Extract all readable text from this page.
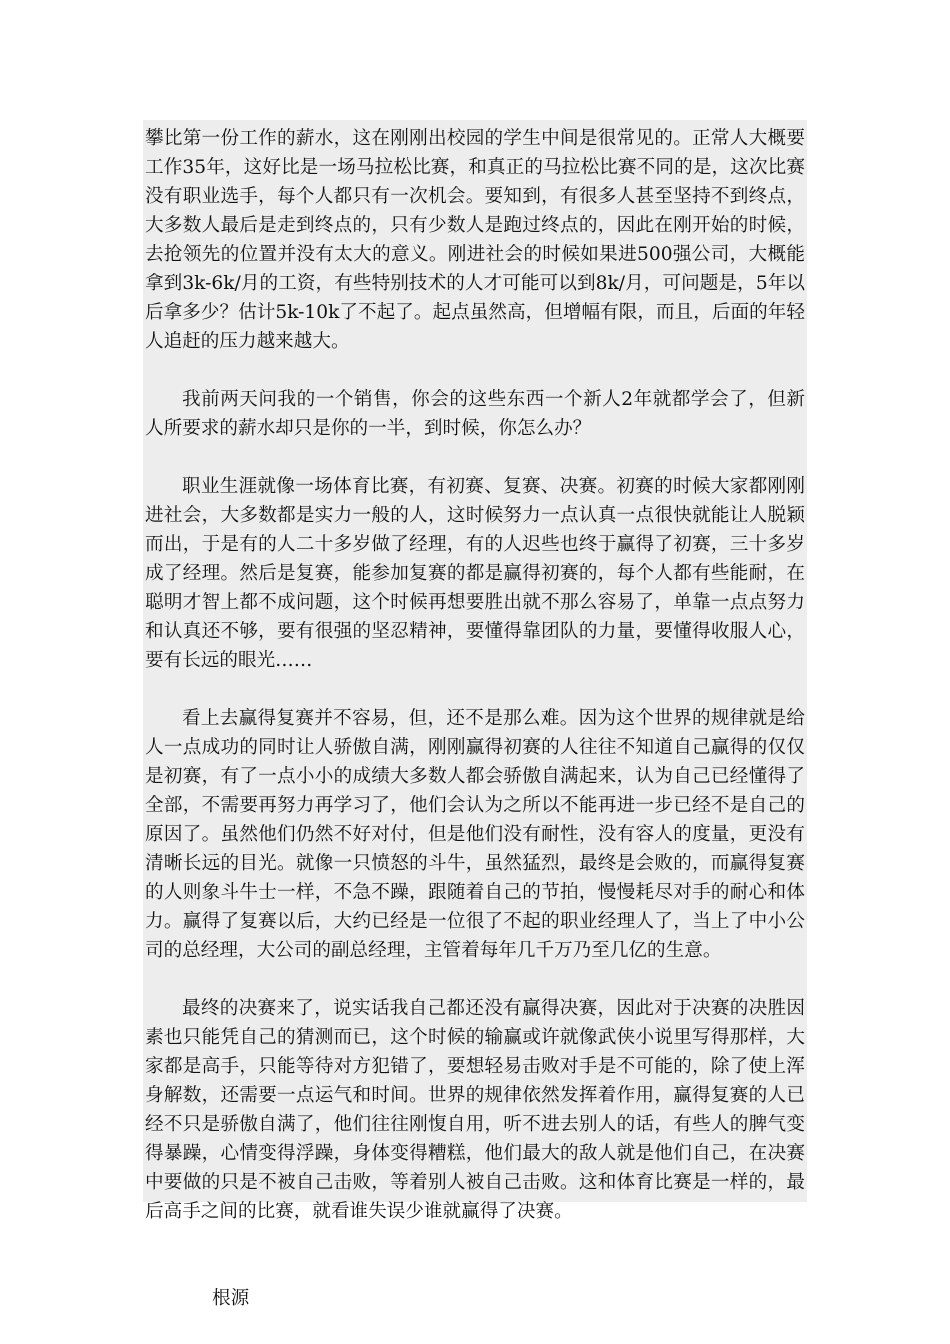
攀比第一份工作的薪水，这在刚刚出校园的学生中间是很常见的。正常人大概要工作35年，这好比是一场马拉松比赛，和真正的马拉松比赛不同的是，这次比赛没有职业选手，每个人都只有一次机会。要知到，有很多人甚至坚持不到终点，大多数人最后是走到终点的，只有少数人是跑过终点的，因此在刚开始的时候，去抢领先的位置并没有太大的意义。刚进社会的时候如果进500强公司，大概能拿到3k-6k/月的工资，有些特别技术的人才可能可以到8k/月，可问题是，5年以后拿多少？估计5k-10k了不起了。起点虽然高，但增幅有限，而且，后面的年轻人追赶的压力越来越大。

我前两天问我的一个销售，你会的这些东西一个新人2年就都学会了，但新人所要求的薪水却只是你的一半，到时候，你怎么办？

职业生涯就像一场体育比赛，有初赛、复赛、决赛。初赛的时候大家都刚刚进社会，大多数都是实力一般的人，这时候努力一点认真一点很快就能让人脱颖而出，于是有的人二十多岁做了经理，有的人迟些也终于赢得了初赛，三十多岁成了经理。然后是复赛，能参加复赛的都是赢得初赛的，每个人都有些能耐，在聪明才智上都不成问题，这个时候再想要胜出就不那么容易了，单靠一点点努力和认真还不够，要有很强的坚忍精神，要懂得靠团队的力量，要懂得收服人心，要有长远的眼光……

看上去赢得复赛并不容易，但，还不是那么难。因为这个世界的规律就是给人一点成功的同时让人骄傲自满，刚刚赢得初赛的人往往不知道自己赢得的仅仅是初赛，有了一点小小的成绩大多数人都会骄傲自满起来，认为自己已经懂得了全部，不需要再努力再学习了，他们会认为之所以不能再进一步已经不是自己的原因了。虽然他们仍然不好对付，但是他们没有耐性，没有容人的度量，更没有清晰长远的目光。就像一只愤怒的斗牛，虽然猛烈，最终是会败的，而赢得复赛的人则象斗牛士一样，不急不躁，跟随着自己的节拍，慢慢耗尽对手的耐心和体力。赢得了复赛以后，大约已经是一位很了不起的职业经理人了，当上了中小公司的总经理，大公司的副总经理，主管着每年几千万乃至几亿的生意。

最终的决赛来了，说实话我自己都还没有赢得决赛，因此对于决赛的决胜因素也只能凭自己的猜测而已，这个时候的输赢或许就像武侠小说里写得那样，大家都是高手，只能等待对方犯错了，要想轻易击败对手是不可能的，除了使上浑身解数，还需要一点运气和时间。世界的规律依然发挥着作用，赢得复赛的人已经不只是骄傲自满了，他们往往刚愎自用，听不进去别人的话，有些人的脾气变得暴躁，心情变得浮躁，身体变得糟糕，他们最大的敌人就是他们自己，在决赛中要做的只是不被自己击败，等着别人被自己击败。这和体育比赛是一样的，最后高手之间的比赛，就看谁失误少谁就赢得了决赛。

根源
